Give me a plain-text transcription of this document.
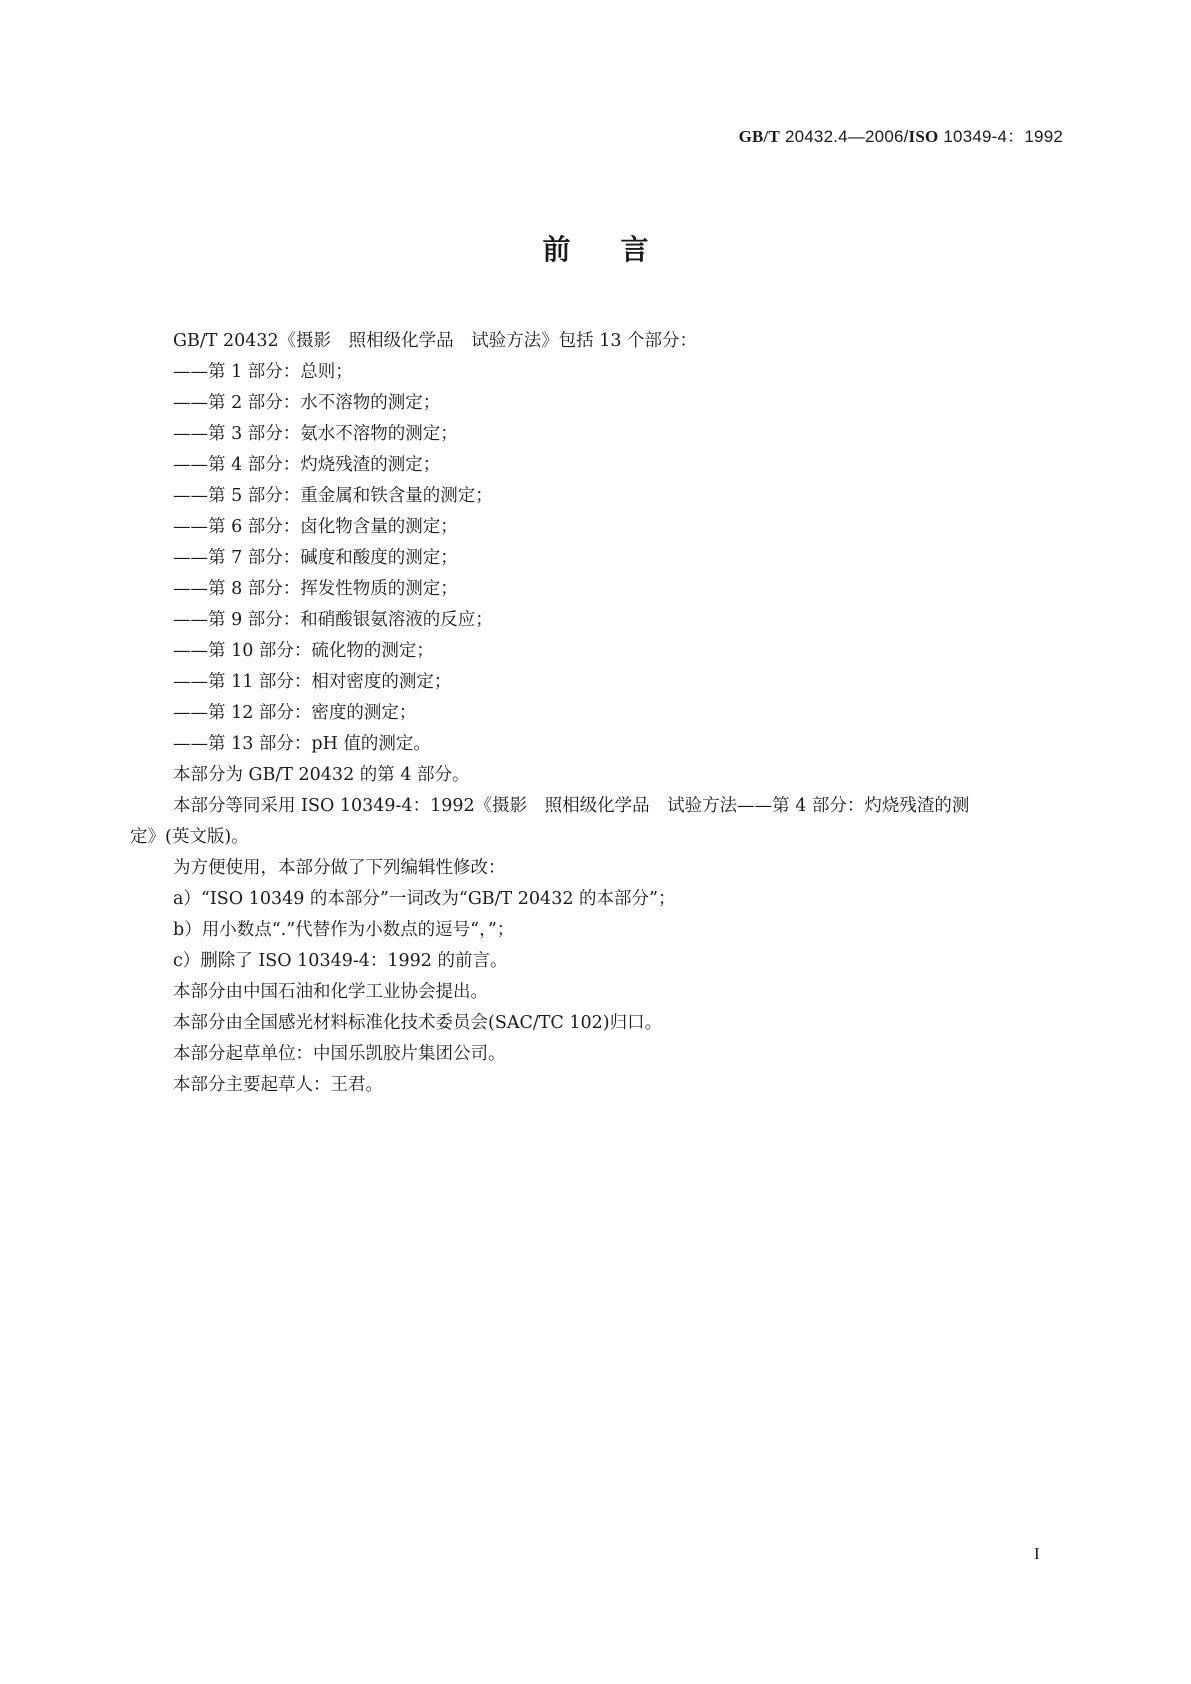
GB/T 20432.4—2006/ISO 10349-4：1992
前言
GB/T 20432《摄影　照相级化学品　试验方法》包括 13 个部分：
——第 1 部分：总则；
——第 2 部分：水不溶物的测定；
——第 3 部分：氨水不溶物的测定；
——第 4 部分：灼烧残渣的测定；
——第 5 部分：重金属和铁含量的测定；
——第 6 部分：卤化物含量的测定；
——第 7 部分：碱度和酸度的测定；
——第 8 部分：挥发性物质的测定；
——第 9 部分：和硝酸银氨溶液的反应；
——第 10 部分：硫化物的测定；
——第 11 部分：相对密度的测定；
——第 12 部分：密度的测定；
——第 13 部分：pH 值的测定。
本部分为 GB/T 20432 的第 4 部分。
本部分等同采用 ISO 10349-4：1992《摄影　照相级化学品　试验方法——第 4 部分：灼烧残渣的测
定》(英文版)。
为方便使用，本部分做了下列编辑性修改：
a）“ISO 10349 的本部分”一词改为“GB/T 20432 的本部分”；
b）用小数点“.”代替作为小数点的逗号“，”；
c）删除了 ISO 10349-4：1992 的前言。
本部分由中国石油和化学工业协会提出。
本部分由全国感光材料标准化技术委员会(SAC/TC 102)归口。
本部分起草单位：中国乐凯胶片集团公司。
本部分主要起草人：王君。
I
